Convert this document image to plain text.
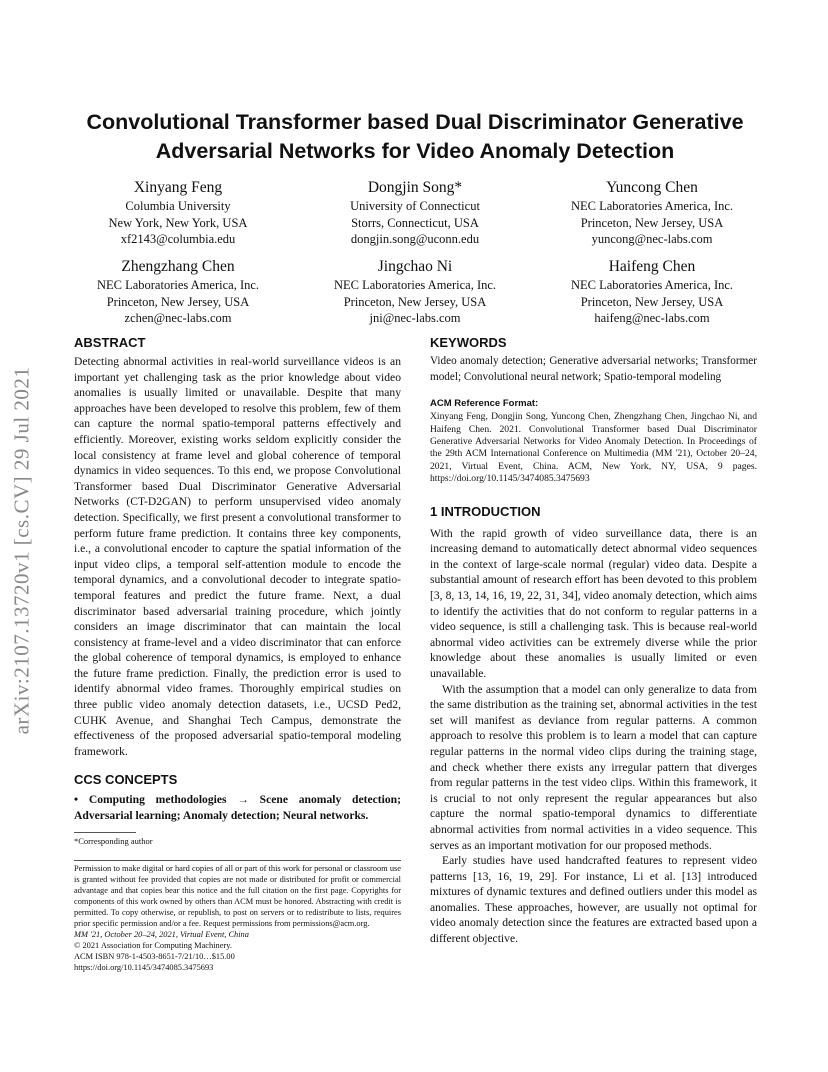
arXiv:2107.13720v1 [cs.CV] 29 Jul 2021
Convolutional Transformer based Dual Discriminator Generative Adversarial Networks for Video Anomaly Detection
Xinyang Feng
Columbia University
New York, New York, USA
xf2143@columbia.edu
Dongjin Song*
University of Connecticut
Storrs, Connecticut, USA
dongjin.song@uconn.edu
Yuncong Chen
NEC Laboratories America, Inc.
Princeton, New Jersey, USA
yuncong@nec-labs.com
Zhengzhang Chen
NEC Laboratories America, Inc.
Princeton, New Jersey, USA
zchen@nec-labs.com
Jingchao Ni
NEC Laboratories America, Inc.
Princeton, New Jersey, USA
jni@nec-labs.com
Haifeng Chen
NEC Laboratories America, Inc.
Princeton, New Jersey, USA
haifeng@nec-labs.com
ABSTRACT

Detecting abnormal activities in real-world surveillance videos is an important yet challenging task as the prior knowledge about video anomalies is usually limited or unavailable. Despite that many approaches have been developed to resolve this problem, few of them can capture the normal spatio-temporal patterns effectively and efficiently. Moreover, existing works seldom explicitly consider the local consistency at frame level and global coherence of temporal dynamics in video sequences. To this end, we propose Convolutional Transformer based Dual Discriminator Generative Adversarial Networks (CT-D2GAN) to perform unsupervised video anomaly detection. Specifically, we first present a convolutional transformer to perform future frame prediction. It contains three key components, i.e., a convolutional encoder to capture the spatial information of the input video clips, a temporal self-attention module to encode the temporal dynamics, and a convolutional decoder to integrate spatio-temporal features and predict the future frame. Next, a dual discriminator based adversarial training procedure, which jointly considers an image discriminator that can maintain the local consistency at frame-level and a video discriminator that can enforce the global coherence of temporal dynamics, is employed to enhance the future frame prediction. Finally, the prediction error is used to identify abnormal video frames. Thoroughly empirical studies on three public video anomaly detection datasets, i.e., UCSD Ped2, CUHK Avenue, and Shanghai Tech Campus, demonstrate the effectiveness of the proposed adversarial spatio-temporal modeling framework.

CCS CONCEPTS
• Computing methodologies → Scene anomaly detection; Adversarial learning; Anomaly detection; Neural networks.
*Corresponding author
Permission to make digital or hard copies of all or part of this work for personal or classroom use is granted without fee provided that copies are not made or distributed for profit or commercial advantage and that copies bear this notice and the full citation on the first page. Copyrights for components of this work owned by others than ACM must be honored. Abstracting with credit is permitted. To copy otherwise, or republish, to post on servers or to redistribute to lists, requires prior specific permission and/or a fee. Request permissions from permissions@acm.org.
MM '21, October 20–24, 2021, Virtual Event, China
© 2021 Association for Computing Machinery.
ACM ISBN 978-1-4503-8651-7/21/10…$15.00
https://doi.org/10.1145/3474085.3475693
KEYWORDS

Video anomaly detection; Generative adversarial networks; Transformer model; Convolutional neural network; Spatio-temporal modeling

ACM Reference Format:
Xinyang Feng, Dongjin Song, Yuncong Chen, Zhengzhang Chen, Jingchao Ni, and Haifeng Chen. 2021. Convolutional Transformer based Dual Discriminator Generative Adversarial Networks for Video Anomaly Detection. In Proceedings of the 29th ACM International Conference on Multimedia (MM '21), October 20–24, 2021, Virtual Event, China. ACM, New York, NY, USA, 9 pages. https://doi.org/10.1145/3474085.3475693
1 INTRODUCTION

With the rapid growth of video surveillance data, there is an increasing demand to automatically detect abnormal video sequences in the context of large-scale normal (regular) video data. Despite a substantial amount of research effort has been devoted to this problem [3, 8, 13, 14, 16, 19, 22, 31, 34], video anomaly detection, which aims to identify the activities that do not conform to regular patterns in a video sequence, is still a challenging task. This is because real-world abnormal video activities can be extremely diverse while the prior knowledge about these anomalies is usually limited or even unavailable.

With the assumption that a model can only generalize to data from the same distribution as the training set, abnormal activities in the test set will manifest as deviance from regular patterns. A common approach to resolve this problem is to learn a model that can capture regular patterns in the normal video clips during the training stage, and check whether there exists any irregular pattern that diverges from regular patterns in the test video clips. Within this framework, it is crucial to not only represent the regular appearances but also capture the normal spatio-temporal dynamics to differentiate abnormal activities from normal activities in a video sequence. This serves as an important motivation for our proposed methods.

Early studies have used handcrafted features to represent video patterns [13, 16, 19, 29]. For instance, Li et al. [13] introduced mixtures of dynamic textures and defined outliers under this model as anomalies. These approaches, however, are usually not optimal for video anomaly detection since the features are extracted based upon a different objective.
